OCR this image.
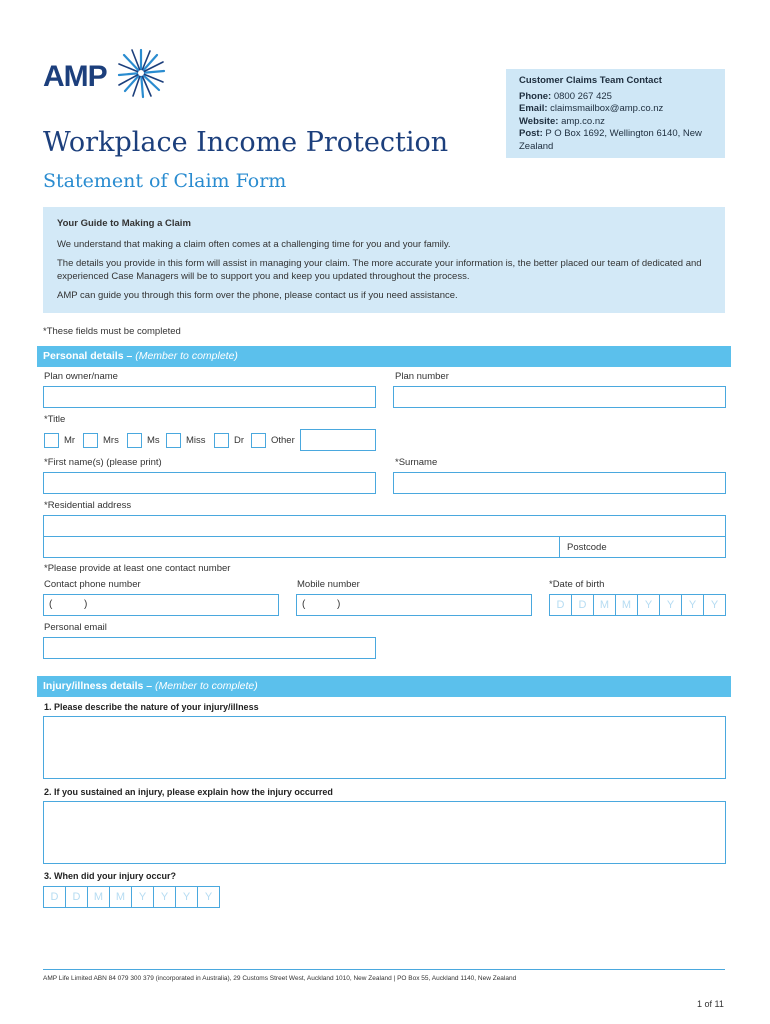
AMP
Workplace Income Protection
Statement of Claim Form
Customer Claims Team Contact
Phone: 0800 267 425
Email: claimsmailbox@amp.co.nz
Website: amp.co.nz
Post: P O Box 1692, Wellington 6140, New Zealand
Your Guide to Making a Claim

We understand that making a claim often comes at a challenging time for you and your family.

The details you provide in this form will assist in managing your claim. The more accurate your information is, the better placed our team of dedicated and experienced Case Managers will be to support you and keep you updated throughout the process.

AMP can guide you through this form over the phone, please contact us if you need assistance.

*These fields must be completed
Personal details – (Member to complete)
Plan owner/name	Plan number
*Title
Mr	Mrs	Ms	Miss	Dr	Other
*First name(s) (please print)	*Surname
*Residential address
Postcode
*Please provide at least one contact number
Contact phone number	Mobile number	*Date of birth
(	)	(	)	D	D	M	M	Y	Y	Y	Y
Personal email
Injury/illness details – (Member to complete)
1. Please describe the nature of your injury/illness
2. If you sustained an injury, please explain how the injury occurred
3. When did your injury occur?
D	D	M	M	Y	Y	Y	Y
AMP Life Limited ABN 84 079 300 379 (incorporated in Australia), 29 Customs Street West, Auckland 1010, New Zealand | PO Box 55, Auckland 1140, New Zealand
1 of 11
